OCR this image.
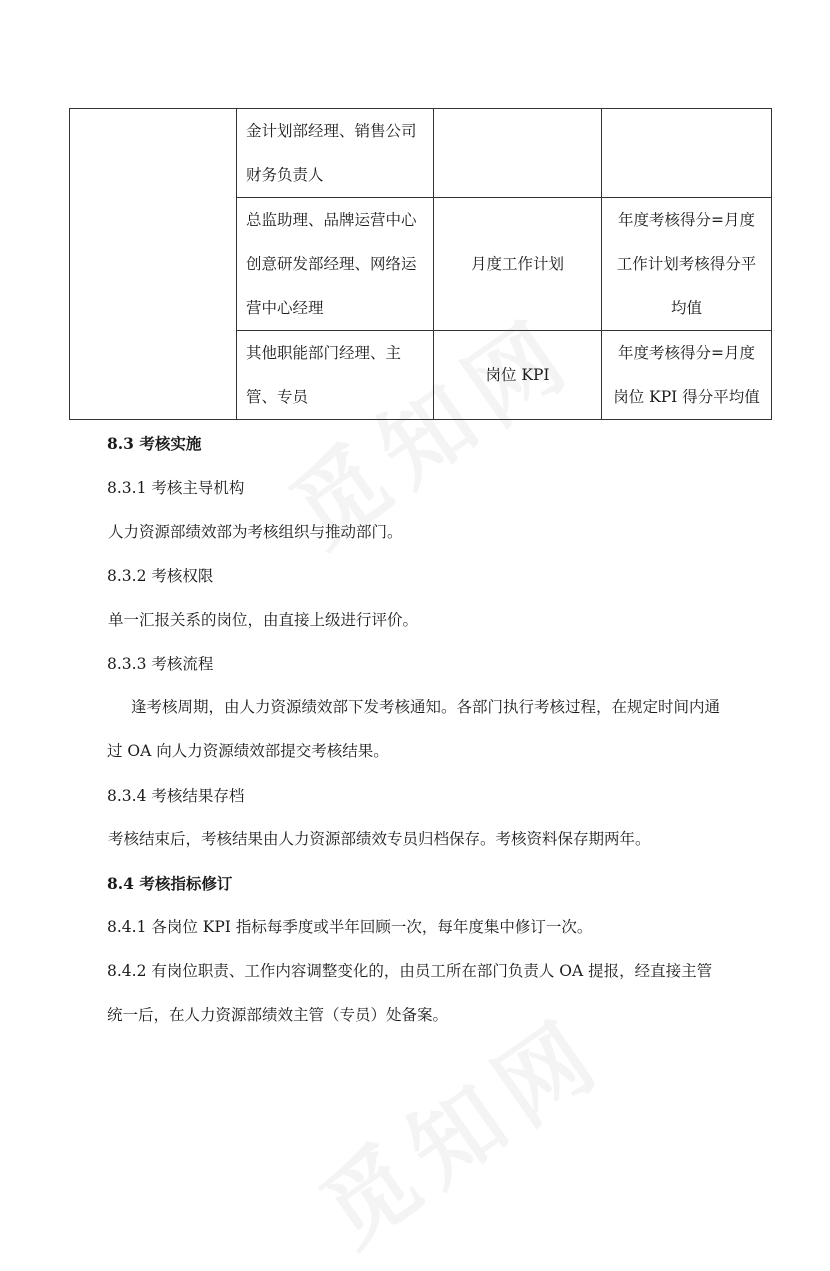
	金计划部经理、销售公司
财务负责人		

	总监助理、品牌运营中心
创意研发部经理、网络运
营中心经理	月度工作计划	年度考核得分=月度
工作计划考核得分平
均值

	其他职能部门经理、主
管、专员	岗位 KPI	年度考核得分=月度
岗位 KPI 得分平均值
8.3 考核实施
8.3.1 考核主导机构
人力资源部绩效部为考核组织与推动部门。
8.3.2 考核权限
单一汇报关系的岗位，由直接上级进行评价。
8.3.3 考核流程
逢考核周期，由人力资源绩效部下发考核通知。各部门执行考核过程，在规定时间内通
过 OA 向人力资源绩效部提交考核结果。
8.3.4 考核结果存档
考核结束后，考核结果由人力资源部绩效专员归档保存。考核资料保存期两年。
8.4 考核指标修订
8.4.1 各岗位 KPI 指标每季度或半年回顾一次，每年度集中修订一次。
8.4.2 有岗位职责、工作内容调整变化的，由员工所在部门负责人 OA 提报，经直接主管
统一后，在人力资源部绩效主管（专员）处备案。
